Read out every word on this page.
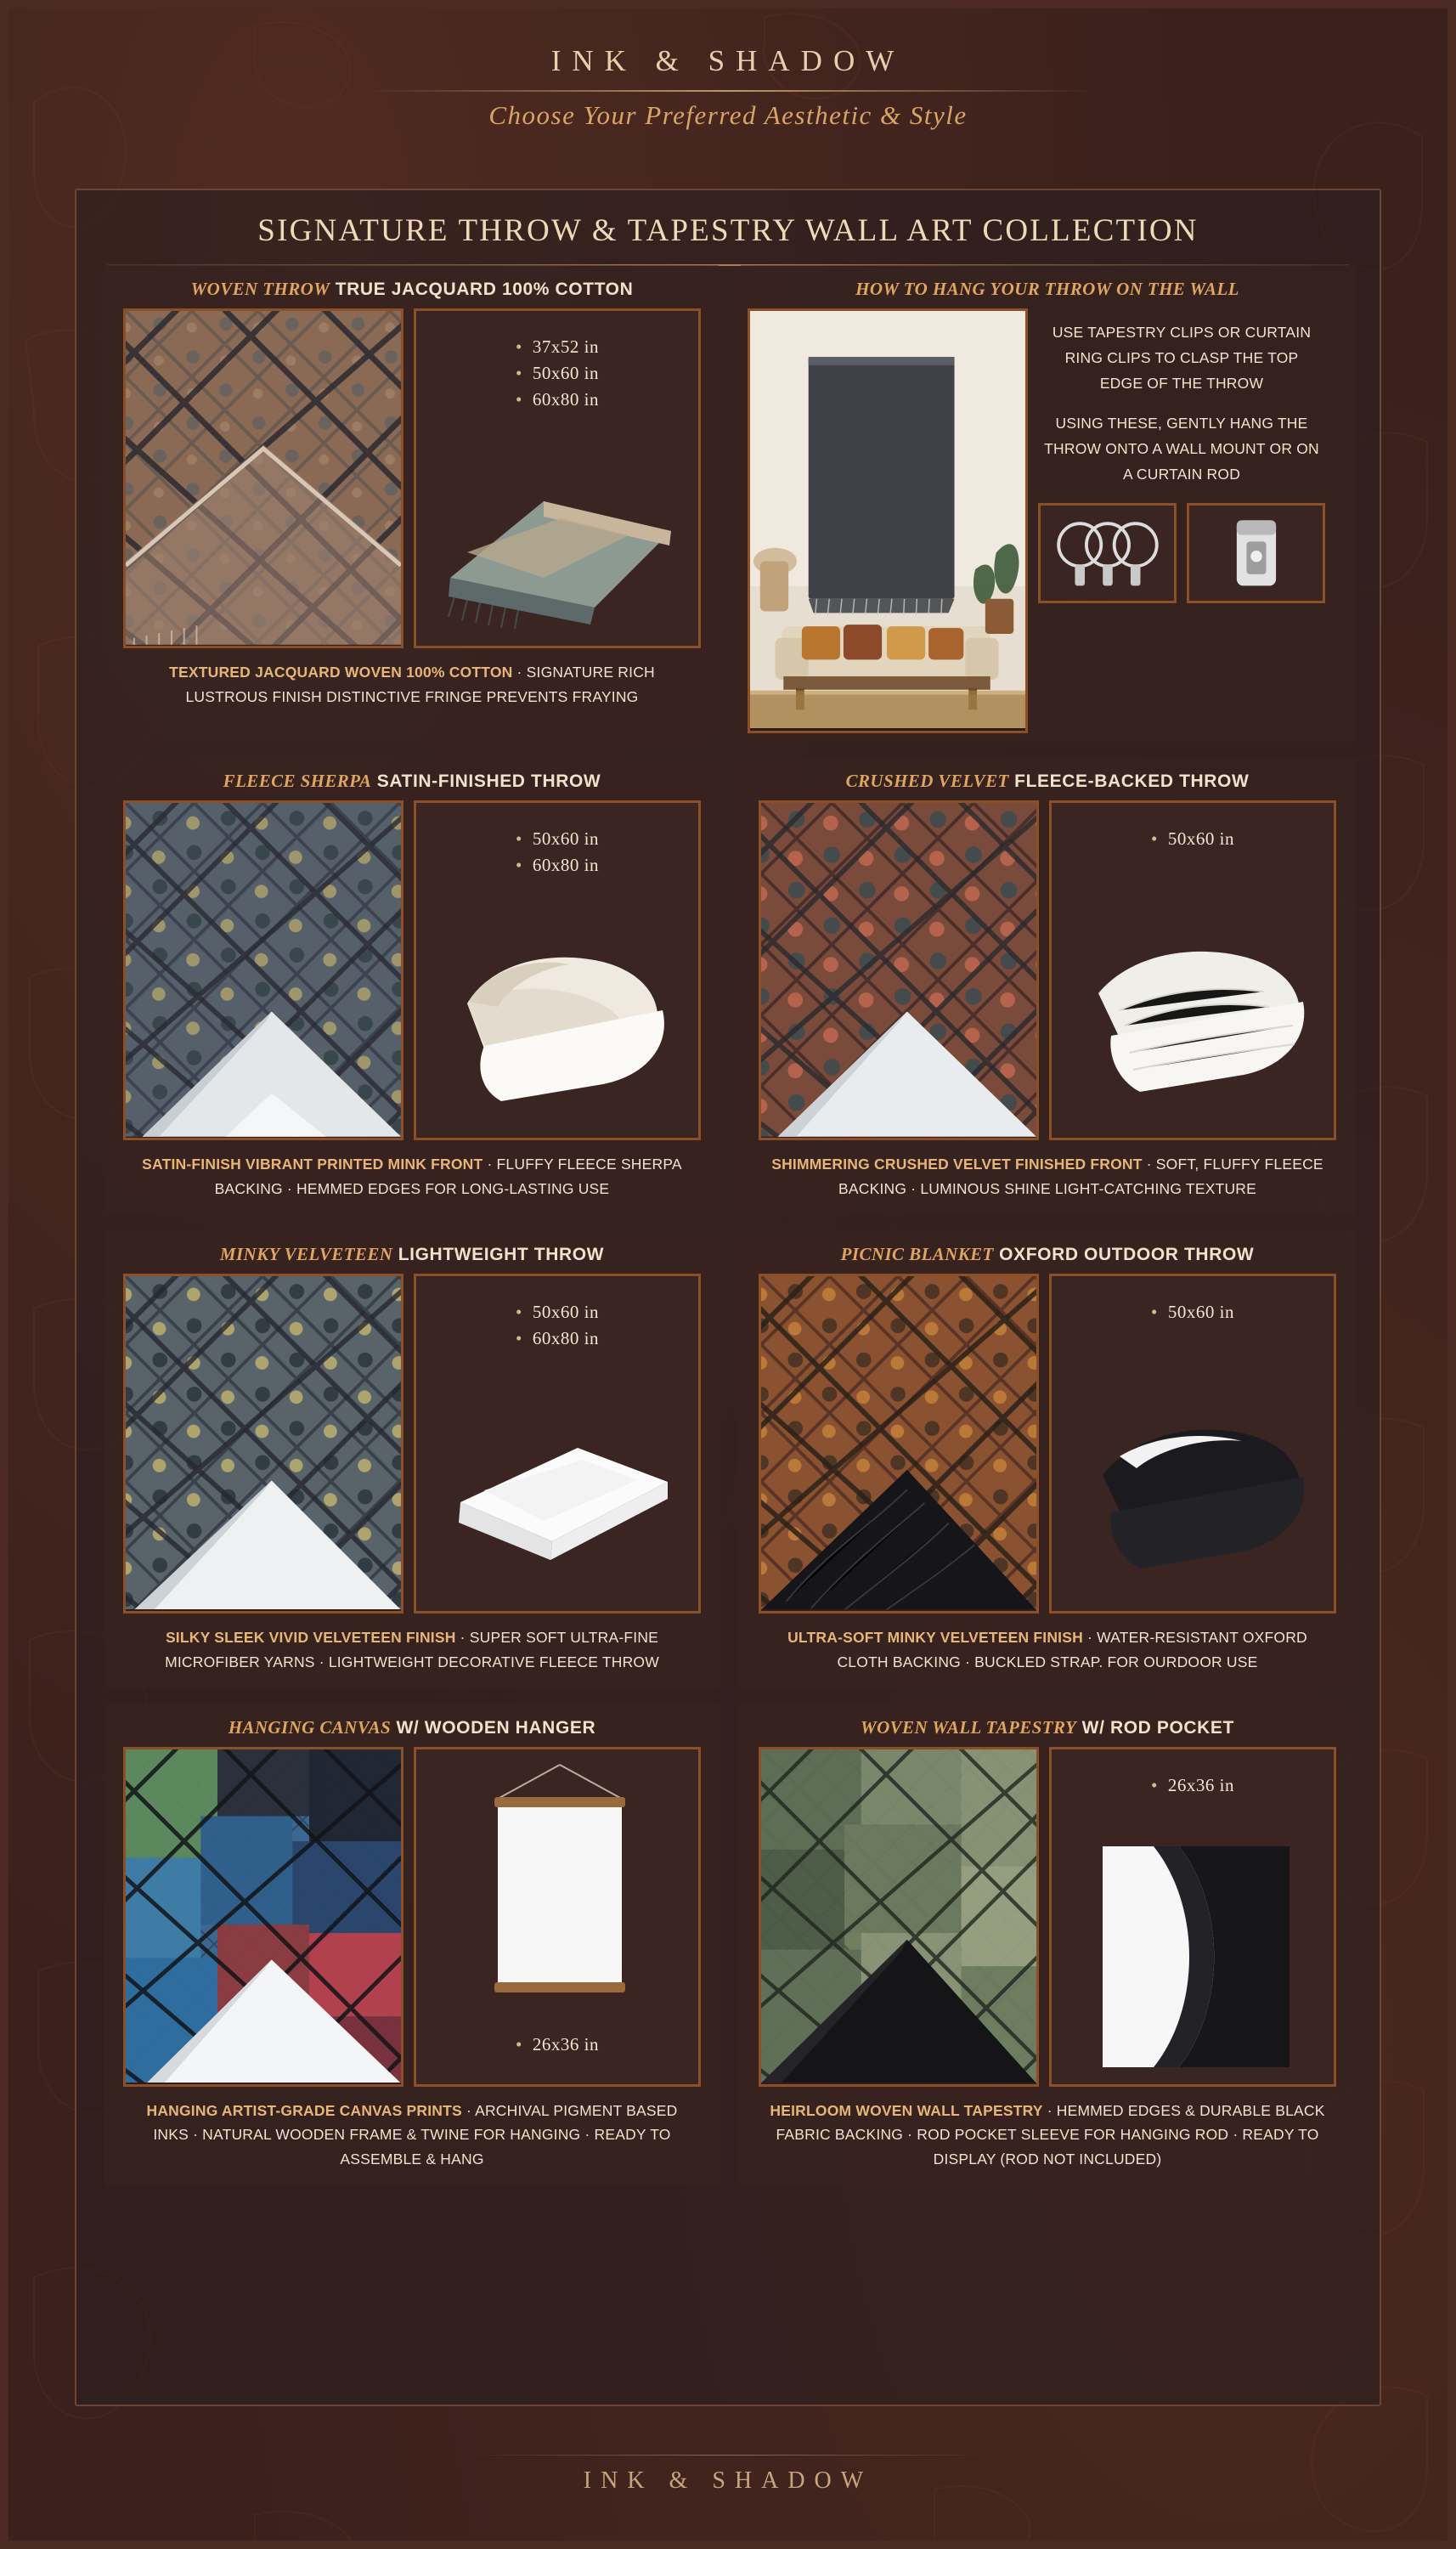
INK & SHADOW
Choose Your Preferred Aesthetic & Style
SIGNATURE THROW & TAPESTRY WALL ART COLLECTION
WOVEN THROW TRUE JACQUARD 100% COTTON
• 37x52 in
• 50x60 in
• 60x80 in
TEXTURED JACQUARD WOVEN 100% COTTON · SIGNATURE RICH LUSTROUS FINISH DISTINCTIVE FRINGE PREVENTS FRAYING
HOW TO HANG YOUR THROW ON THE WALL

USE TAPESTRY CLIPS OR CURTAIN RING CLIPS TO CLASP THE TOP EDGE OF THE THROW

USING THESE, GENTLY HANG THE THROW ONTO A WALL MOUNT OR ON A CURTAIN ROD

FLEECE SHERPA SATIN-FINISHED THROW
• 50x60 in
• 60x80 in
SATIN-FINISH VIBRANT PRINTED MINK FRONT · FLUFFY FLEECE SHERPA BACKING · HEMMED EDGES FOR LONG-LASTING USE
CRUSHED VELVET FLEECE-BACKED THROW
• 50x60 in
SHIMMERING CRUSHED VELVET FINISHED FRONT · SOFT, FLUFFY FLEECE BACKING · LUMINOUS SHINE LIGHT-CATCHING TEXTURE
MINKY VELVETEEN LIGHTWEIGHT THROW
• 50x60 in
• 60x80 in
SILKY SLEEK VIVID VELVETEEN FINISH · SUPER SOFT ULTRA-FINE MICROFIBER YARNS · LIGHTWEIGHT DECORATIVE FLEECE THROW
PICNIC BLANKET OXFORD OUTDOOR THROW
• 50x60 in
ULTRA-SOFT MINKY VELVETEEN FINISH · WATER-RESISTANT OXFORD CLOTH BACKING · BUCKLED STRAP. FOR OURDOOR USE
HANGING CANVAS W/ WOODEN HANGER
• 26x36 in
HANGING ARTIST-GRADE CANVAS PRINTS · ARCHIVAL PIGMENT BASED INKS · NATURAL WOODEN FRAME & TWINE FOR HANGING · READY TO ASSEMBLE & HANG
WOVEN WALL TAPESTRY W/ ROD POCKET
• 26x36 in
HEIRLOOM WOVEN WALL TAPESTRY · HEMMED EDGES & DURABLE BLACK FABRIC BACKING · ROD POCKET SLEEVE FOR HANGING ROD · READY TO DISPLAY (ROD NOT INCLUDED)
INK & SHADOW
